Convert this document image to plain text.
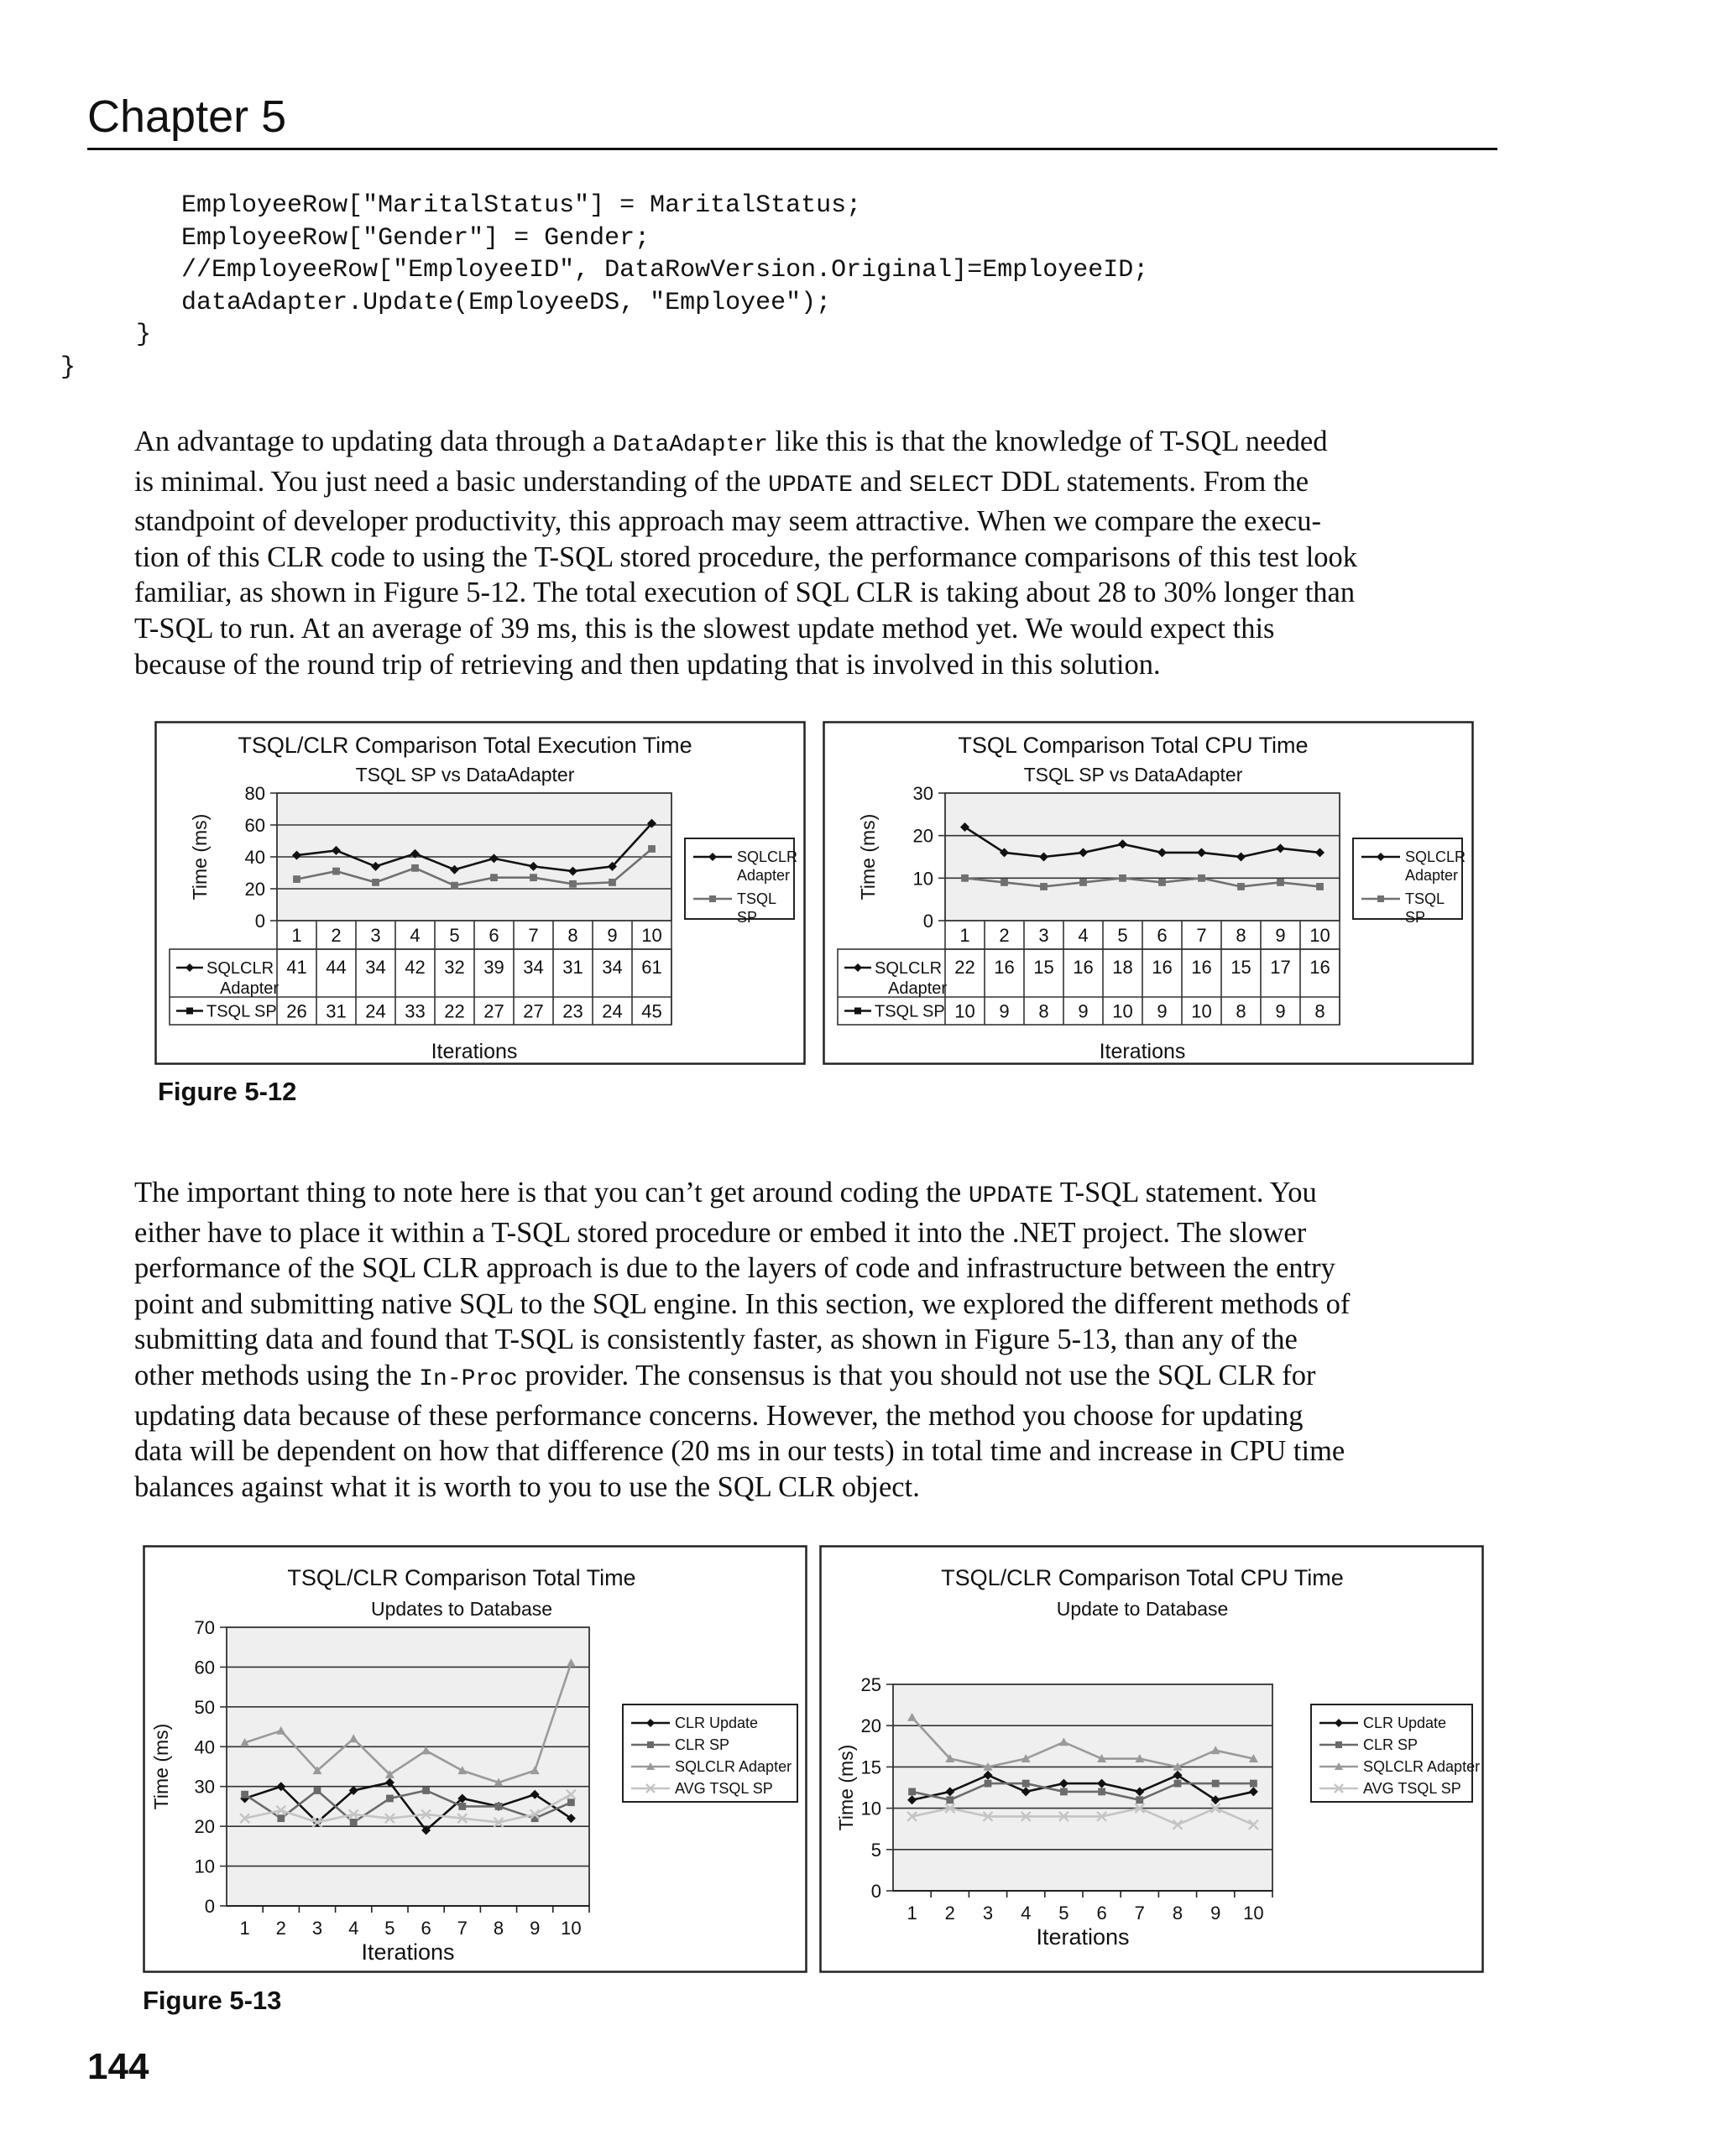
Chapter 5
EmployeeRow["MaritalStatus"] = MaritalStatus;
EmployeeRow["Gender"] = Gender;
//EmployeeRow["EmployeeID", DataRowVersion.Original]=EmployeeID;
dataAdapter.Update(EmployeeDS, "Employee");
}
}
An advantage to updating data through a DataAdapter like this is that the knowledge of T-SQL needed
is minimal. You just need a basic understanding of the UPDATE and SELECT DDL statements. From the
standpoint of developer productivity, this approach may seem attractive. When we compare the execu-
tion of this CLR code to using the T-SQL stored procedure, the performance comparisons of this test look
familiar, as shown in Figure 5-12. The total execution of SQL CLR is taking about 28 to 30% longer than
T-SQL to run. At an average of 39 ms, this is the slowest update method yet. We would expect this
because of the round trip of retrieving and then updating that is involved in this solution.
TSQL/CLR Comparison Total Execution Time
TSQL SP vs DataAdapter
0
20
40
60
80
Time (ms)
1 2 3 4 5 6 7 8 9 10
SQLCLR
Adapter
41 44 34 42 32 39 34 31 34 61
TSQL SP 26 31 24 33 22 27 27 23 24 45
Iterations
SQLCLR
Adapter
TSQL
SP
TSQL Comparison Total CPU Time
TSQL SP vs DataAdapter
0
10
20
30
Time (ms)
1 2 3 4 5 6 7 8 9 10
SQLCLR
Adapter
22 16 15 16 18 16 16 15 17 16
TSQL SP 10 9 8 9 10 9 10 8 9 8
Iterations
SQLCLR
Adapter
TSQL
SP
Figure 5-12
The important thing to note here is that you can’t get around coding the UPDATE T-SQL statement. You
either have to place it within a T-SQL stored procedure or embed it into the .NET project. The slower
performance of the SQL CLR approach is due to the layers of code and infrastructure between the entry
point and submitting native SQL to the SQL engine. In this section, we explored the different methods of
submitting data and found that T-SQL is consistently faster, as shown in Figure 5-13, than any of the
other methods using the In-Proc provider. The consensus is that you should not use the SQL CLR for
updating data because of these performance concerns. However, the method you choose for updating
data will be dependent on how that difference (20 ms in our tests) in total time and increase in CPU time
balances against what it is worth to you to use the SQL CLR object.
TSQL/CLR Comparison Total Time
Updates to Database
0
10
20
30
40
50
60
70
Time (ms)
1 2 3 4 5 6 7 8 9 10
Iterations
CLR Update
CLR SP
SQLCLR Adapter
AVG TSQL SP
TSQL/CLR Comparison Total CPU Time
Update to Database
0
5
10
15
20
25
Time (ms)
1 2 3 4 5 6 7 8 9 10
Iterations
CLR Update
CLR SP
SQLCLR Adapter
AVG TSQL SP
Figure 5-13
144
